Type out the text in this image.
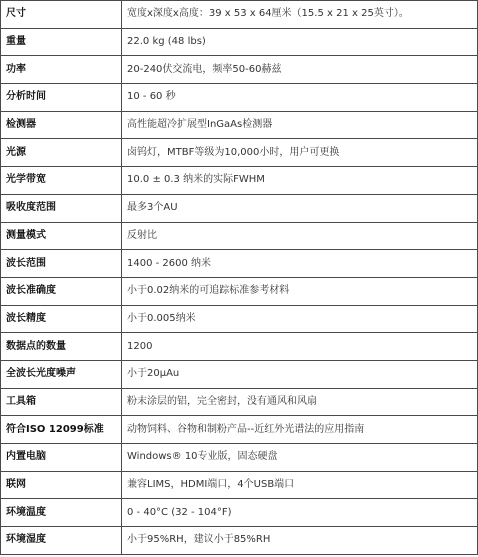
尺寸	宽度x深度x高度：39 x 53 x 64厘米（15.5 x 21 x 25英寸）。
重量	22.0 kg (48 lbs)
功率	20-240伏交流电，频率50-60赫兹
分析时间	10 - 60 秒
检测器	高性能超冷扩展型InGaAs检测器
光源	卤钨灯，MTBF等级为10,000小时，用户可更换
光学带宽	10.0 ± 0.3 纳米的实际FWHM
吸收度范围	最多3个AU
测量模式	反射比
波长范围	1400 - 2600 纳米
波长准确度	小于0.02纳米的可追踪标准参考材料
波长精度	小于0.005纳米
数据点的数量	1200
全波长光度噪声	小于20µAu
工具箱	粉末涂层的铝，完全密封，没有通风和风扇
符合ISO 12099标准	动物饲料、谷物和制粉产品--近红外光谱法的应用指南
内置电脑	Windows® 10专业版，固态硬盘
联网	兼容LIMS，HDMI端口，4个USB端口
环境温度	0 - 40°C (32 - 104°F)
环境湿度	小于95%RH，建议小于85%RH
